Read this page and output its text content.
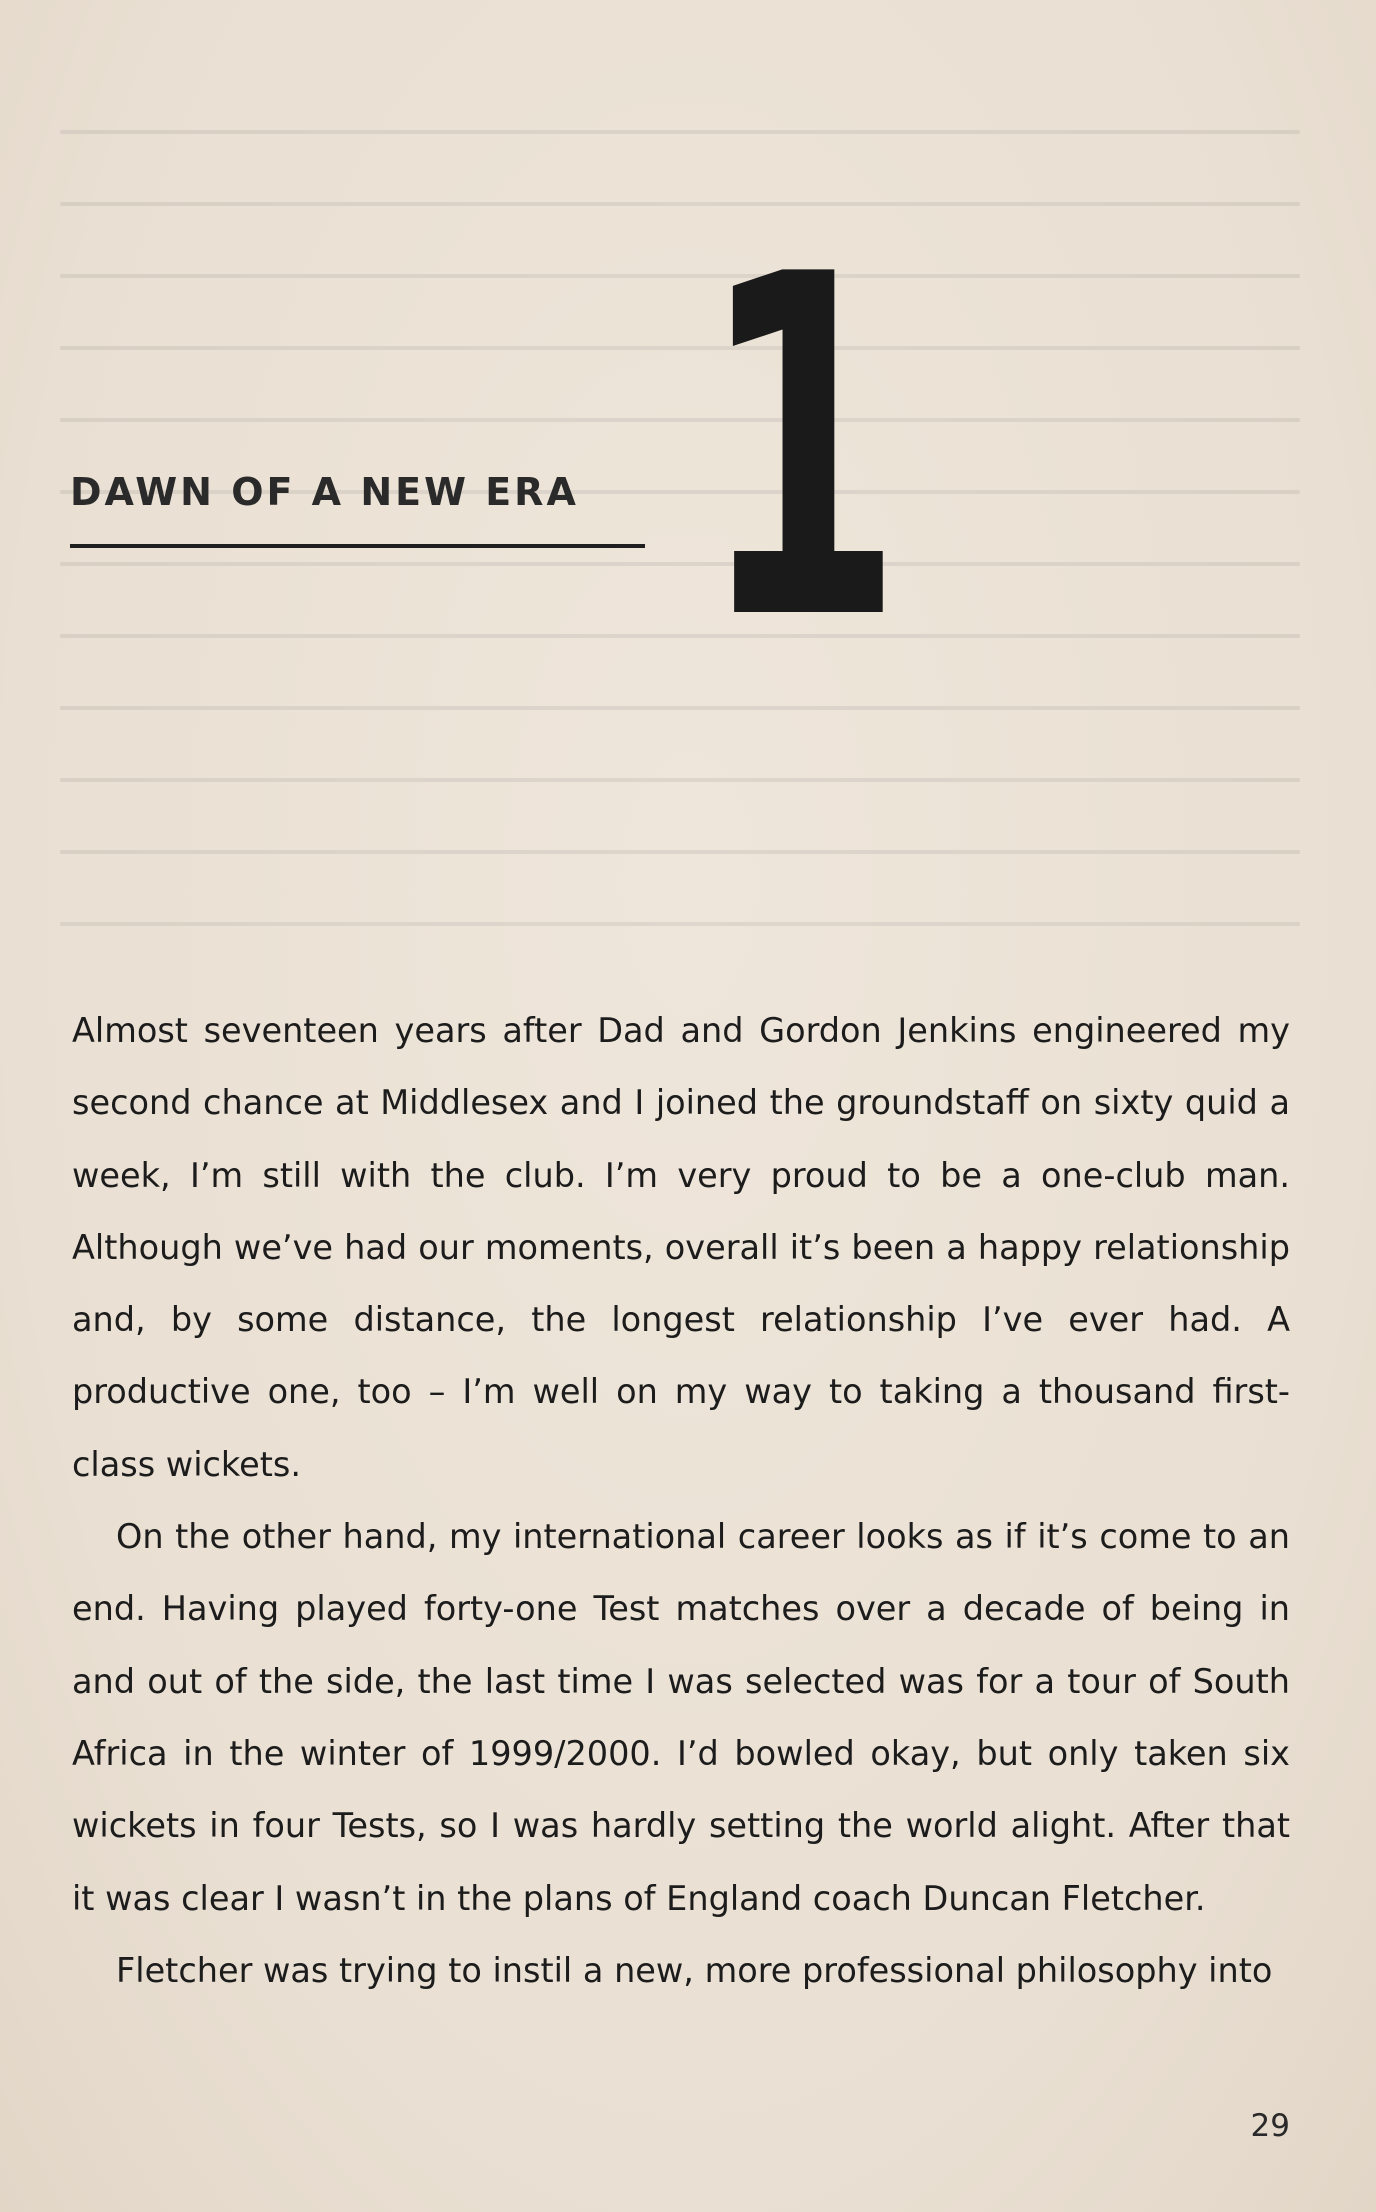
1
DAWN OF A NEW ERA

Almost seventeen years after Dad and Gordon Jenkins engineered my second chance at Middlesex and I joined the groundstaff on sixty quid a week, I’m still with the club. I’m very proud to be a one-club man. Although we’ve had our moments, overall it’s been a happy relationship and, by some distance, the longest relationship I’ve ever had. A productive one, too – I’m well on my way to taking a thousand first-class wickets.

On the other hand, my international career looks as if it’s come to an end. Having played forty-one Test matches over a decade of being in and out of the side, the last time I was selected was for a tour of South Africa in the winter of 1999/2000. I’d bowled okay, but only taken six wickets in four Tests, so I was hardly setting the world alight. After that it was clear I wasn’t in the plans of England coach Duncan Fletcher.

Fletcher was trying to instil a new, more professional philosophy into

29
